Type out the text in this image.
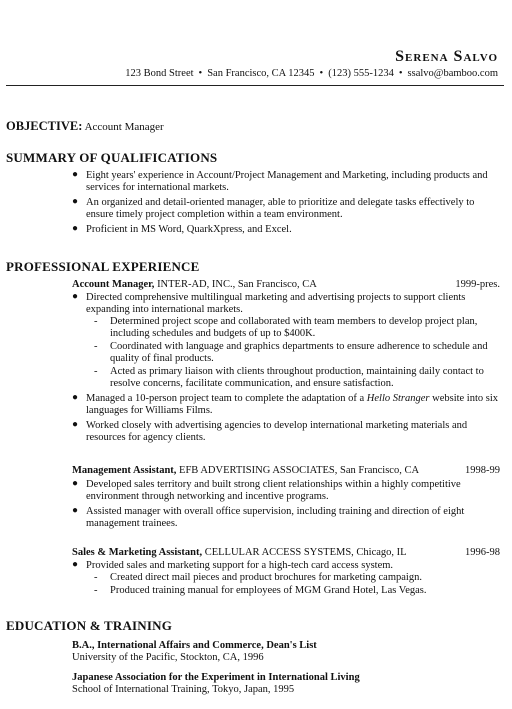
Serena Salvo
123 Bond Street • San Francisco, CA 12345 • (123) 555-1234 • ssalvo@bamboo.com
OBJECTIVE: Account Manager
SUMMARY OF QUALIFICATIONS
● Eight years' experience in Account/Project Management and Marketing, including products and services for international markets.
● An organized and detail-oriented manager, able to prioritize and delegate tasks effectively to ensure timely project completion within a team environment.
● Proficient in MS Word, QuarkXpress, and Excel.
PROFESSIONAL EXPERIENCE
Account Manager, INTER-AD, INC., San Francisco, CA	1999-pres.
● Directed comprehensive multilingual marketing and advertising projects to support clients expanding into international markets.
- Determined project scope and collaborated with team members to develop project plan, including schedules and budgets of up to $400K.
- Coordinated with language and graphics departments to ensure adherence to schedule and quality of final products.
- Acted as primary liaison with clients throughout production, maintaining daily contact to resolve concerns, facilitate communication, and ensure satisfaction.
● Managed a 10-person project team to complete the adaptation of a Hello Stranger website into six languages for Williams Films.
● Worked closely with advertising agencies to develop international marketing materials and resources for agency clients.
Management Assistant, EFB ADVERTISING ASSOCIATES, San Francisco, CA	1998-99
● Developed sales territory and built strong client relationships within a highly competitive environment through networking and incentive programs.
● Assisted manager with overall office supervision, including training and direction of eight management trainees.
Sales & Marketing Assistant, CELLULAR ACCESS SYSTEMS, Chicago, IL	1996-98
● Provided sales and marketing support for a high-tech card access system.
- Created direct mail pieces and product brochures for marketing campaign.
- Produced training manual for employees of MGM Grand Hotel, Las Vegas.
EDUCATION & TRAINING
B.A., International Affairs and Commerce, Dean's List
University of the Pacific, Stockton, CA, 1996
Japanese Association for the Experiment in International Living
School of International Training, Tokyo, Japan, 1995
